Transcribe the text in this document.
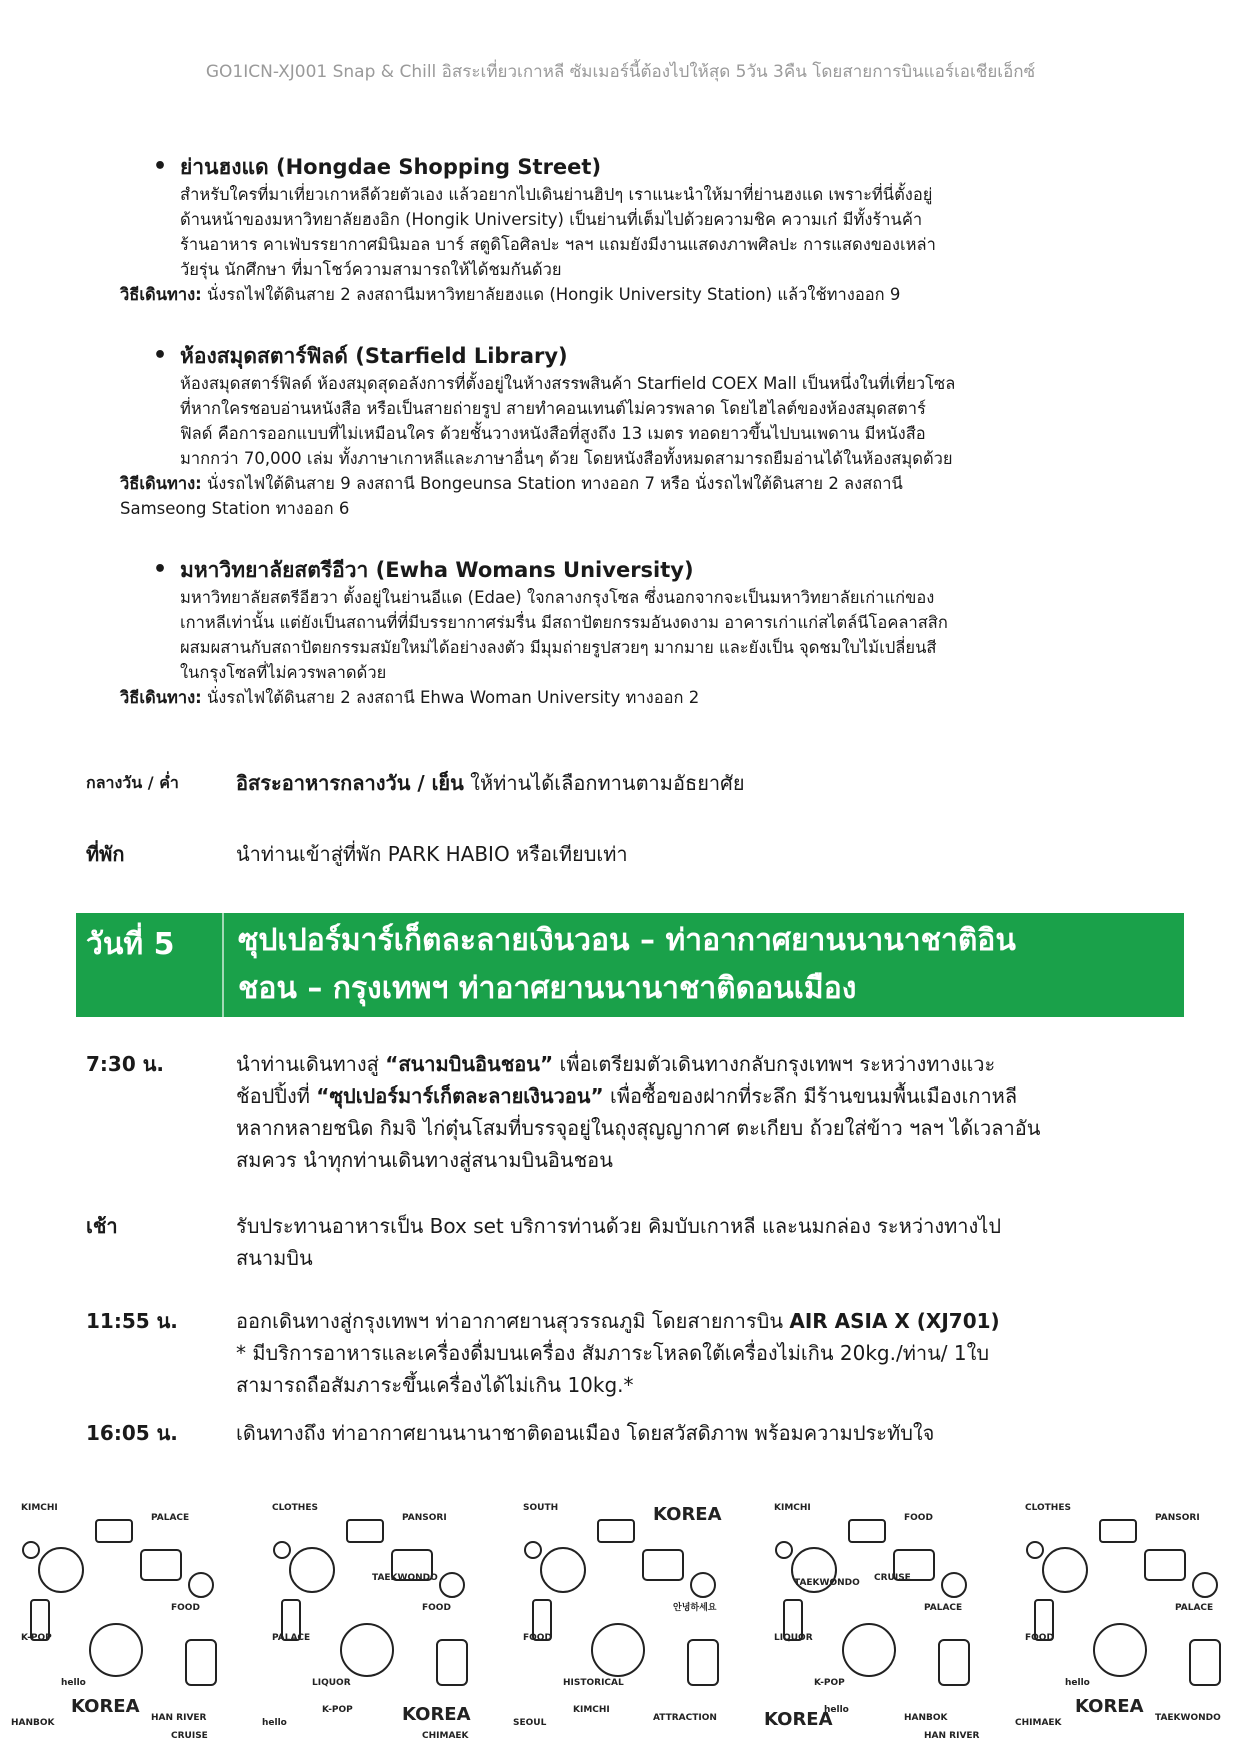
GO1ICN-XJ001 Snap & Chill อิสระเที่ยวเกาหลี ซัมเมอร์นี้ต้องไปให้สุด 5วัน 3คืน โดยสายการบินแอร์เอเชียเอ็กซ์
• ย่านฮงแด (Hongdae Shopping Street)
สำหรับใครที่มาเที่ยวเกาหลีด้วยตัวเอง แล้วอยากไปเดินย่านฮิปๆ เราแนะนำให้มาที่ย่านฮงแด เพราะที่นี่ตั้งอยู่
ด้านหน้าของมหาวิทยาลัยฮงอิก (Hongik University) เป็นย่านที่เต็มไปด้วยความชิค ความเก๋ มีทั้งร้านค้า
ร้านอาหาร คาเฟ่บรรยากาศมินิมอล บาร์ สตูดิโอศิลปะ ฯลฯ แถมยังมีงานแสดงภาพศิลปะ การแสดงของเหล่า
วัยรุ่น นักศึกษา ที่มาโชว์ความสามารถให้ได้ชมกันด้วย
วิธีเดินทาง: นั่งรถไฟใต้ดินสาย 2 ลงสถานีมหาวิทยาลัยฮงแด (Hongik University Station) แล้วใช้ทางออก 9
• ห้องสมุดสตาร์ฟิลด์ (Starfield Library)
ห้องสมุดสตาร์ฟิลด์ ห้องสมุดสุดอลังการที่ตั้งอยู่ในห้างสรรพสินค้า Starfield COEX Mall เป็นหนึ่งในที่เที่ยวโซล
ที่หากใครชอบอ่านหนังสือ หรือเป็นสายถ่ายรูป สายทำคอนเทนต์ไม่ควรพลาด โดยไฮไลต์ของห้องสมุดสตาร์
ฟิลด์ คือการออกแบบที่ไม่เหมือนใคร ด้วยชั้นวางหนังสือที่สูงถึง 13 เมตร ทอดยาวขึ้นไปบนเพดาน มีหนังสือ
มากกว่า 70,000 เล่ม ทั้งภาษาเกาหลีและภาษาอื่นๆ ด้วย โดยหนังสือทั้งหมดสามารถยืมอ่านได้ในห้องสมุดด้วย
วิธีเดินทาง: นั่งรถไฟใต้ดินสาย 9 ลงสถานี Bongeunsa Station ทางออก 7 หรือ นั่งรถไฟใต้ดินสาย 2 ลงสถานี
Samseong Station ทางออก 6
• มหาวิทยาลัยสตรีอีวา (Ewha Womans University)
มหาวิทยาลัยสตรีอีฮวา ตั้งอยู่ในย่านอีแด (Edae) ใจกลางกรุงโซล ซึ่งนอกจากจะเป็นมหาวิทยาลัยเก่าแก่ของ
เกาหลีเท่านั้น แต่ยังเป็นสถานที่ที่มีบรรยากาศร่มรื่น มีสถาปัตยกรรมอันงดงาม อาคารเก่าแก่สไตล์นีโอคลาสสิก
ผสมผสานกับสถาปัตยกรรมสมัยใหม่ได้อย่างลงตัว มีมุมถ่ายรูปสวยๆ มากมาย และยังเป็น จุดชมใบไม้เปลี่ยนสี
ในกรุงโซลที่ไม่ควรพลาดด้วย
วิธีเดินทาง: นั่งรถไฟใต้ดินสาย 2 ลงสถานี Ehwa Woman University ทางออก 2
กลางวัน / ค่ำ	อิสระอาหารกลางวัน / เย็น ให้ท่านได้เลือกทานตามอัธยาศัย
ที่พัก	นำท่านเข้าสู่ที่พัก PARK HABIO หรือเทียบเท่า
วันที่ 5	ซุปเปอร์มาร์เก็ตละลายเงินวอน – ท่าอากาศยานนานาชาติอิน
ชอน – กรุงเทพฯ ท่าอาศยานนานาชาติดอนเมือง
7:30 น.	นำท่านเดินทางสู่ “สนามบินอินชอน” เพื่อเตรียมตัวเดินทางกลับกรุงเทพฯ ระหว่างทางแวะ
ช้อปปิ้งที่ “ซุปเปอร์มาร์เก็ตละลายเงินวอน” เพื่อซื้อของฝากที่ระลึก มีร้านขนมพื้นเมืองเกาหลี
หลากหลายชนิด กิมจิ ไก่ตุ๋นโสมที่บรรจุอยู่ในถุงสุญญากาศ ตะเกียบ ถ้วยใส่ข้าว ฯลฯ ได้เวลาอัน
สมควร นำทุกท่านเดินทางสู่สนามบินอินชอน
เช้า	รับประทานอาหารเป็น Box set บริการท่านด้วย คิมบับเกาหลี และนมกล่อง ระหว่างทางไป
สนามบิน
11:55 น.	ออกเดินทางสู่กรุงเทพฯ ท่าอากาศยานสุวรรณภูมิ โดยสายการบิน AIR ASIA X (XJ701)
* มีบริการอาหารและเครื่องดื่มบนเครื่อง สัมภาระโหลดใต้เครื่องไม่เกิน 20kg./ท่าน/ 1ใบ
สามารถถือสัมภาระขึ้นเครื่องได้ไม่เกิน 10kg.*
16:05 น.	เดินทางถึง ท่าอากาศยานนานาชาติดอนเมือง โดยสวัสดิภาพ พร้อมความประทับใจ
KIMCHI
PALACE
FOOD
K-POP
hello
KOREA
HANBOK	HAN RIVER
CRUISE
CLOTHES
PANSORI
FOOD
PALACE
LIQUOR
K-POP
hello	KOREA
CHIMAEK
TAEKWONDO
SOUTH	KOREA
안녕하세요
FOOD
HISTORICAL
KIMCHI
SEOUL	ATTRACTION
KIMCHI
FOOD
PALACE
LIQUOR
K-POP
hello
KOREA	HANBOK
HAN RIVER
CRUISE
TAEKWONDO
CLOTHES
PANSORI
PALACE
FOOD
hello
KOREA
CHIMAEK	TAEKWONDO
